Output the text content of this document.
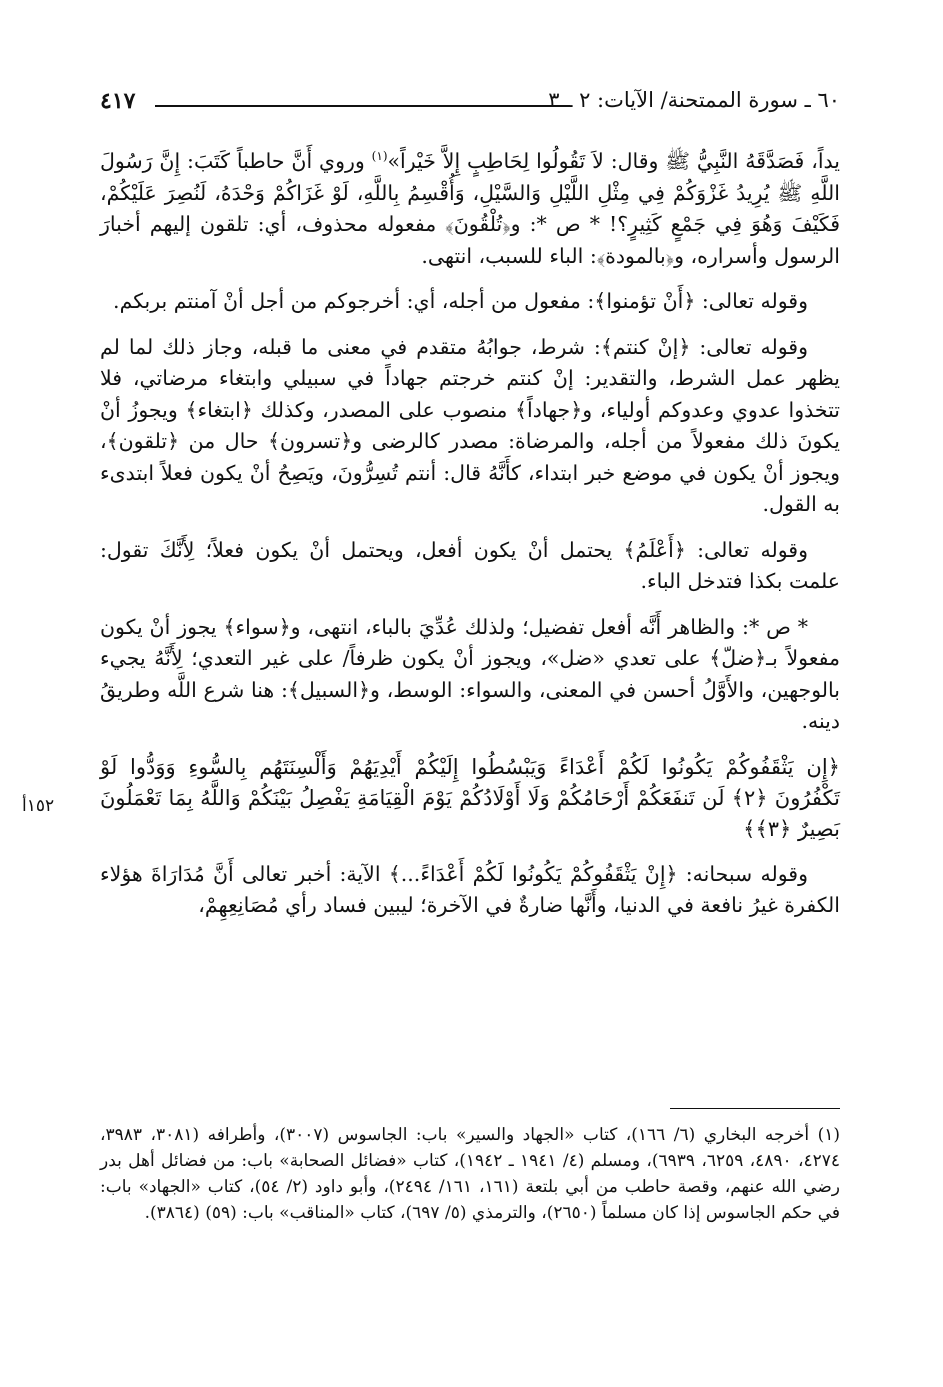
٦٠ ـ سورة الممتحنة/ الآيات: ٢ ـ ٣
٤١٧
١٥٢أ

يداً، فَصَدَّقَهُ النَّبِيُّ ﷺ وقال: لاَ تَقُولُوا لِحَاطِبٍ إِلاَّ خَيْراً»$^{(١)}$ وروي أَنَّ حاطباً كَتَبَ: إِنَّ رَسُولَ اللَّهِ ﷺ يُرِيدُ غَزْوَكُمْ فِي مِثْلِ اللَّيْلِ وَالسَّيْلِ، وَأُقْسِمُ بِاللَّهِ، لَوْ غَزَاكُمْ وَحْدَهُ، لَنُصِرَ عَلَيْكُمْ، فَكَيْفَ وَهُوَ فِي جَمْعٍ كَثِيرٍ؟! * ص *: و﴿تُلْقُونَ﴾ مفعوله محذوف، أي: تلقون إليهم أخبارَ الرسول وأسراره، و﴿بالمودة﴾: الباء للسبب، انتهى.

وقوله تعالى: ﴿أَنْ تؤمنوا﴾: مفعول من أجله، أي: أخرجوكم من أجل أنْ آمنتم بربكم.

وقوله تعالى: ﴿إنْ كنتم﴾: شرط، جوابُهُ متقدم في معنى ما قبله، وجاز ذلك لما لم يظهر عمل الشرط، والتقدير: إنْ كنتم خرجتم جهاداً في سبيلي وابتغاء مرضاتي، فلا تتخذوا عدوي وعدوكم أولياء، و﴿جهاداً﴾ منصوب على المصدر، وكذلك ﴿ابتغاء﴾ ويجوزُ أنْ يكونَ ذلك مفعولاً من أجله، والمرضاة: مصدر كالرضى و﴿تسرون﴾ حال من ﴿تلقون﴾، ويجوز أنْ يكون في موضع خبر ابتداء، كأَنَّهُ قال: أنتم تُسِرُّونَ، ويَصِحُ أنْ يكون فعلاً ابتدىء به القول.

وقوله تعالى: ﴿أَعْلَمُ﴾ يحتمل أنْ يكون أفعل، ويحتمل أنْ يكون فعلاً؛ لِأَنَّكَ تقول: علمت بكذا فتدخل الباء.

* ص *: والظاهر أَنَّه أفعل تفضيل؛ ولذلك عُدِّيَ بالباء، انتهى، و﴿سواء﴾ يجوز أنْ يكون مفعولاً بـ﴿ضلّ﴾ على تعدي «ضل»، ويجوز أنْ يكون ظرفاً/ على غير التعدي؛ لِأَنَّهُ يجيء بالوجهين، والأَوَّلُ أحسن في المعنى، والسواء: الوسط، و﴿السبيل﴾: هنا شرع اللَّه وطريقُ دينه.

﴿إِن يَثْقَفُوكُمْ يَكُونُوا لَكُمْ أَعْدَاءً وَيَبْسُطُوا إِلَيْكُمْ أَيْدِيَهُمْ وَأَلْسِنَتَهُم بِالسُّوءِ وَوَدُّوا لَوْ تَكْفُرُونَ ﴿٢﴾ لَن تَنفَعَكُمْ أَرْحَامُكُمْ وَلَا أَوْلَادُكُمْ يَوْمَ الْقِيَامَةِ يَفْصِلُ بَيْنَكُمْ وَاللَّهُ بِمَا تَعْمَلُونَ بَصِيرٌ ﴿٣﴾﴾

وقوله سبحانه: ﴿إِنْ يَثْقَفُوكُمْ يَكُونُوا لَكُمْ أَعْدَاءً...﴾ الآية: أخبر تعالى أَنَّ مُدَارَاةَ هؤلاء الكفرة غيرُ نافعة في الدنيا، وأَنَّها ضارةٌ في الآخرة؛ ليبين فساد رأي مُصَانِعِهِمْ،

(١) أخرجه البخاري (٦/ ١٦٦)، كتاب «الجهاد والسير» باب: الجاسوس (٣٠٠٧)، وأطرافه (٣٠٨١، ٣٩٨٣، ٤٢٧٤، ٤٨٩٠، ٦٢٥٩، ٦٩٣٩)، ومسلم (٤/ ١٩٤١ ـ ١٩٤٢)، كتاب «فضائل الصحابة» باب: من فضائل أهل بدر رضي الله عنهم، وقصة حاطب من أبي بلتعة (١٦١، ١٦١/ ٢٤٩٤)، وأبو داود (٢/ ٥٤)، كتاب «الجهاد» باب: في حكم الجاسوس إذا كان مسلماً (٢٦٥٠)، والترمذي (٥/ ٦٩٧)، كتاب «المناقب» باب: (٥٩) (٣٨٦٤).
